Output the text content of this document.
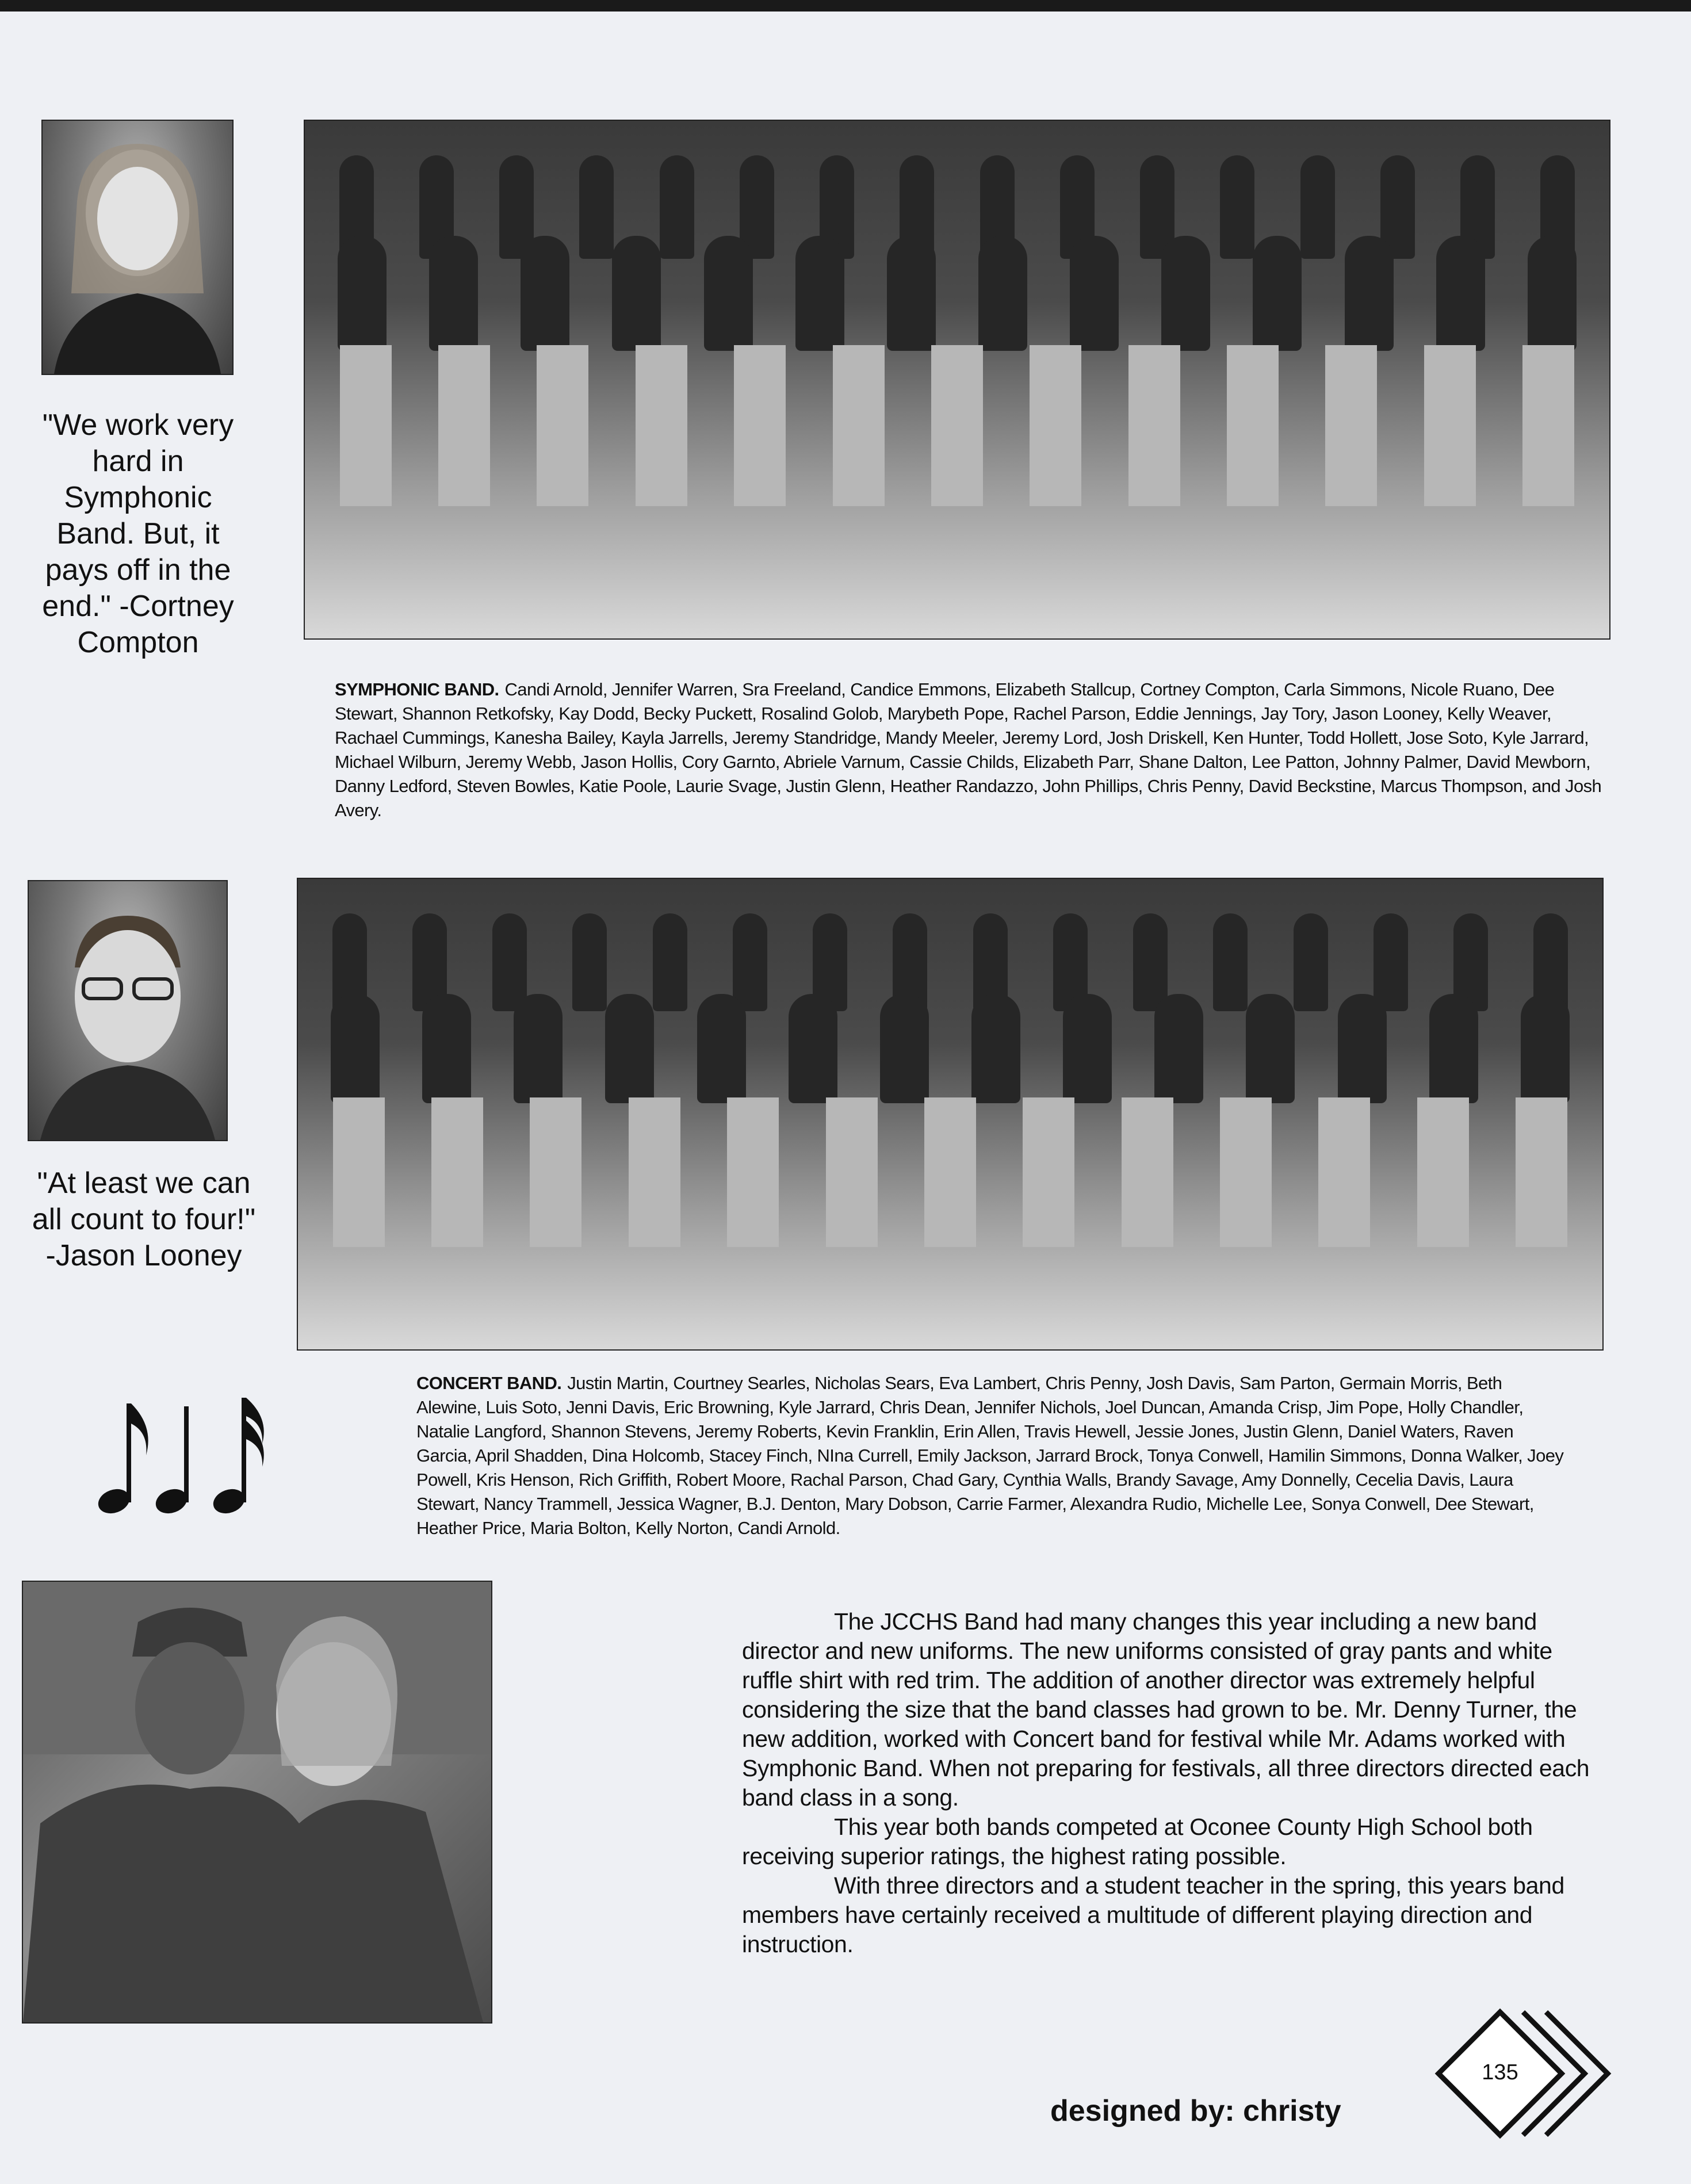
"We work very hard in Symphonic Band. But, it pays off in the end." -Cortney Compton
SYMPHONIC BAND. Candi Arnold, Jennifer Warren, Sra Freeland, Candice Emmons, Elizabeth Stallcup, Cortney Compton, Carla Simmons, Nicole Ruano, Dee Stewart, Shannon Retkofsky, Kay Dodd, Becky Puckett, Rosalind Golob, Marybeth Pope, Rachel Parson, Eddie Jennings, Jay Tory, Jason Looney, Kelly Weaver, Rachael Cummings, Kanesha Bailey, Kayla Jarrells, Jeremy Standridge, Mandy Meeler, Jeremy Lord, Josh Driskell, Ken Hunter, Todd Hollett, Jose Soto, Kyle Jarrard, Michael Wilburn, Jeremy Webb, Jason Hollis, Cory Garnto, Abriele Varnum, Cassie Childs, Elizabeth Parr, Shane Dalton, Lee Patton, Johnny Palmer, David Mewborn, Danny Ledford, Steven Bowles, Katie Poole, Laurie Svage, Justin Glenn, Heather Randazzo, John Phillips, Chris Penny, David Beckstine, Marcus Thompson, and Josh Avery.
"At least we can all count to four!" -Jason Looney
CONCERT BAND. Justin Martin, Courtney Searles, Nicholas Sears, Eva Lambert, Chris Penny, Josh Davis, Sam Parton, Germain Morris, Beth Alewine, Luis Soto, Jenni Davis, Eric Browning, Kyle Jarrard, Chris Dean, Jennifer Nichols, Joel Duncan, Amanda Crisp, Jim Pope, Holly Chandler, Natalie Langford, Shannon Stevens, Jeremy Roberts, Kevin Franklin, Erin Allen, Travis Hewell, Jessie Jones, Justin Glenn, Daniel Waters, Raven Garcia, April Shadden, Dina Holcomb, Stacey Finch, NIna Currell, Emily Jackson, Jarrard Brock, Tonya Conwell, Hamilin Simmons, Donna Walker, Joey Powell, Kris Henson, Rich Griffith, Robert Moore, Rachal Parson, Chad Gary, Cynthia Walls, Brandy Savage, Amy Donnelly, Cecelia Davis, Laura Stewart, Nancy Trammell, Jessica Wagner, B.J. Denton, Mary Dobson, Carrie Farmer, Alexandra Rudio, Michelle Lee, Sonya Conwell, Dee Stewart, Heather Price, Maria Bolton, Kelly Norton, Candi Arnold.

The JCCHS Band had many changes this year including a new band director and new uniforms. The new uniforms consisted of gray pants and white ruffle shirt with red trim. The addition of another director was extremely helpful considering the size that the band classes had grown to be. Mr. Denny Turner, the new addition, worked with Concert band for festival while Mr. Adams worked with Symphonic Band. When not preparing for festivals, all three directors directed each band class in a song.

This year both bands competed at Oconee County High School both receiving superior ratings, the highest rating possible.

With three directors and a student teacher in the spring, this years band members have certainly received a multitude of different playing direction and instruction.

designed by: christy
135
